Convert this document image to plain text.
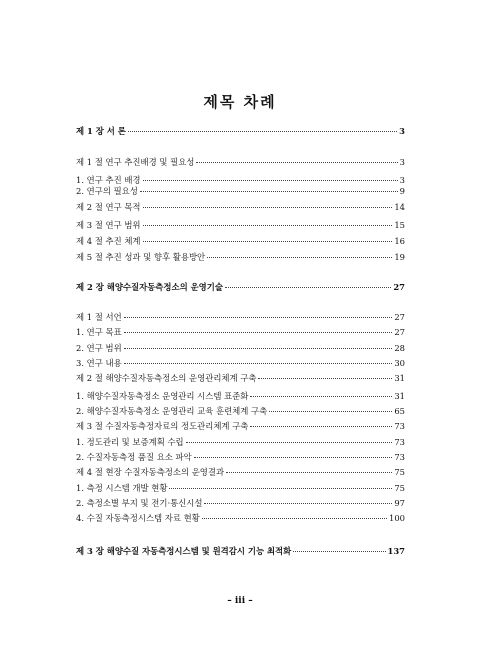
제목 차례
제 1 장 서 론	3
제 1 절 연구 추진배경 및 필요성	3
1. 연구 추진 배경	3
2. 연구의 필요성	9
제 2 절 연구 목적	14
제 3 절 연구 범위	15
제 4 절 추진 체계	16
제 5 절 추진 성과 및 향후 활용방안	19
제 2 장 해양수질자동측정소의 운영기술	27
제 1 절 서언	27
1. 연구 목표	27
2. 연구 범위	28
3. 연구 내용	30
제 2 절 해양수질자동측정소의 운영관리체계 구축	31
1. 해양수질자동측정소 운영관리 시스템 표준화	31
2. 해양수질자동측정소 운영관리 교육 훈련체계 구축	65
제 3 절 수질자동측정자료의 정도관리체계 구축	73
1. 정도관리 및 보증계획 수립	73
2. 수질자동측정 품질 요소 파악	73
제 4 절 현장 수질자동측정소의 운영결과	75
1. 측정 시스템 개발 현황	75
2. 측정소별 부지 및 전기·통신시설	97
4. 수질 자동측정시스템 자료 현황	100
제 3 장 해양수질 자동측정시스템 및 원격감시 기능 최적화	137
– iii –
